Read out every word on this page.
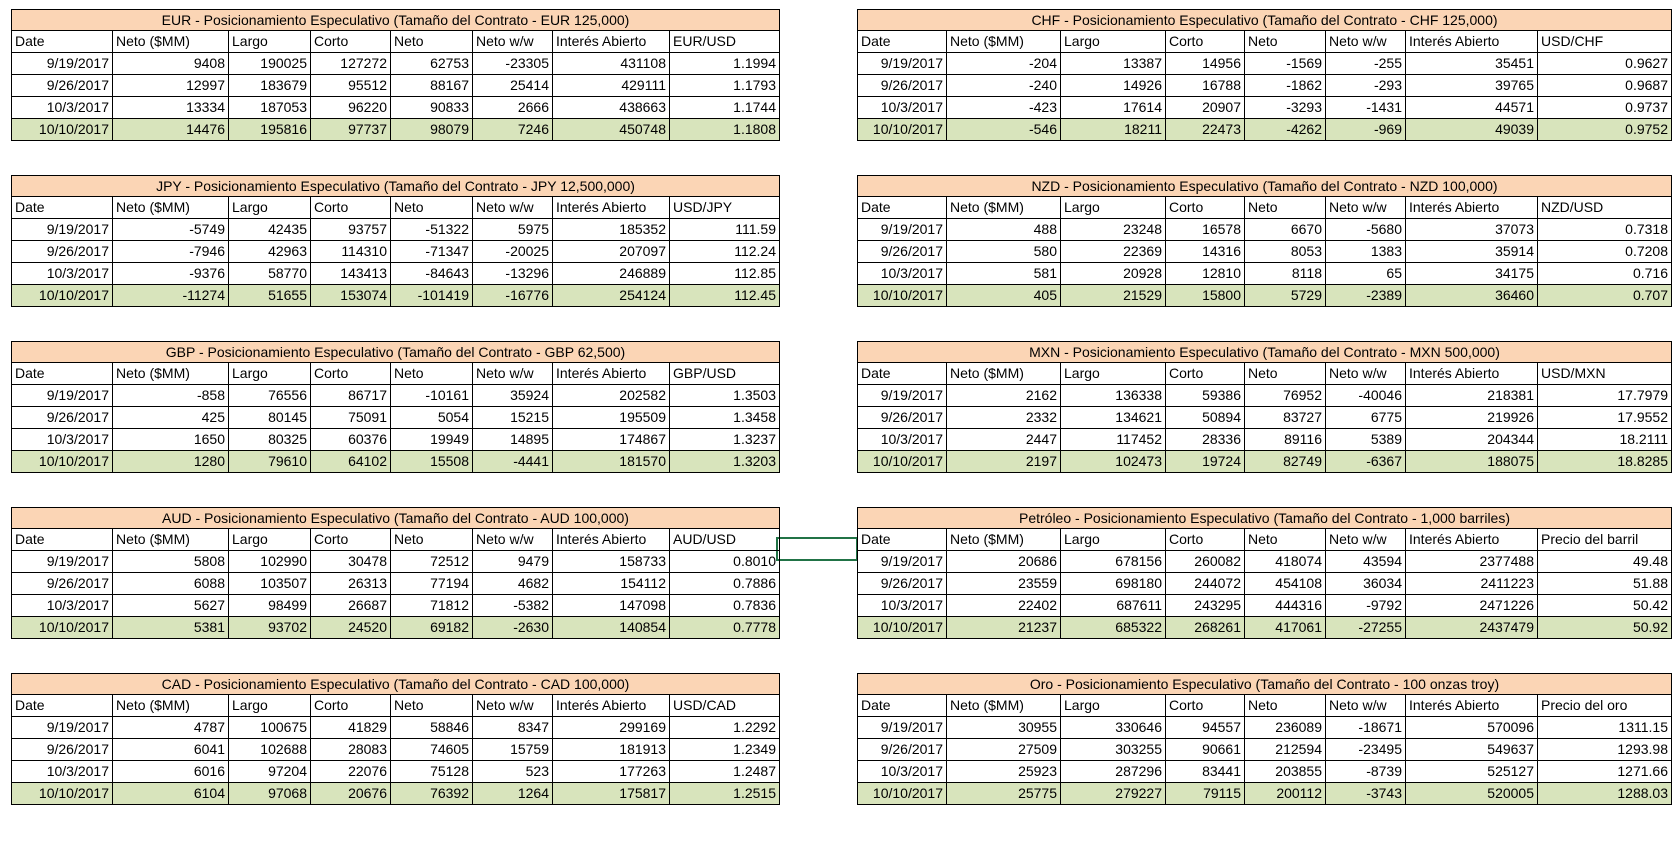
EUR - Posicionamiento Especulativo (Tamaño del Contrato - EUR 125,000)
Date	Neto ($MM)	Largo	Corto	Neto	Neto w/w	Interés Abierto	EUR/USD
9/19/2017	9408	190025	127272	62753	-23305	431108	1.1994
9/26/2017	12997	183679	95512	88167	25414	429111	1.1793
10/3/2017	13334	187053	96220	90833	2666	438663	1.1744
10/10/2017	14476	195816	97737	98079	7246	450748	1.1808
CHF - Posicionamiento Especulativo (Tamaño del Contrato - CHF 125,000)
Date	Neto ($MM)	Largo	Corto	Neto	Neto w/w	Interés Abierto	USD/CHF
9/19/2017	-204	13387	14956	-1569	-255	35451	0.9627
9/26/2017	-240	14926	16788	-1862	-293	39765	0.9687
10/3/2017	-423	17614	20907	-3293	-1431	44571	0.9737
10/10/2017	-546	18211	22473	-4262	-969	49039	0.9752
JPY - Posicionamiento Especulativo (Tamaño del Contrato - JPY 12,500,000)
Date	Neto ($MM)	Largo	Corto	Neto	Neto w/w	Interés Abierto	USD/JPY
9/19/2017	-5749	42435	93757	-51322	5975	185352	111.59
9/26/2017	-7946	42963	114310	-71347	-20025	207097	112.24
10/3/2017	-9376	58770	143413	-84643	-13296	246889	112.85
10/10/2017	-11274	51655	153074	-101419	-16776	254124	112.45
NZD - Posicionamiento Especulativo (Tamaño del Contrato - NZD 100,000)
Date	Neto ($MM)	Largo	Corto	Neto	Neto w/w	Interés Abierto	NZD/USD
9/19/2017	488	23248	16578	6670	-5680	37073	0.7318
9/26/2017	580	22369	14316	8053	1383	35914	0.7208
10/3/2017	581	20928	12810	8118	65	34175	0.716
10/10/2017	405	21529	15800	5729	-2389	36460	0.707
GBP - Posicionamiento Especulativo (Tamaño del Contrato - GBP 62,500)
Date	Neto ($MM)	Largo	Corto	Neto	Neto w/w	Interés Abierto	GBP/USD
9/19/2017	-858	76556	86717	-10161	35924	202582	1.3503
9/26/2017	425	80145	75091	5054	15215	195509	1.3458
10/3/2017	1650	80325	60376	19949	14895	174867	1.3237
10/10/2017	1280	79610	64102	15508	-4441	181570	1.3203
MXN - Posicionamiento Especulativo (Tamaño del Contrato - MXN 500,000)
Date	Neto ($MM)	Largo	Corto	Neto	Neto w/w	Interés Abierto	USD/MXN
9/19/2017	2162	136338	59386	76952	-40046	218381	17.7979
9/26/2017	2332	134621	50894	83727	6775	219926	17.9552
10/3/2017	2447	117452	28336	89116	5389	204344	18.2111
10/10/2017	2197	102473	19724	82749	-6367	188075	18.8285
AUD - Posicionamiento Especulativo (Tamaño del Contrato - AUD 100,000)
Date	Neto ($MM)	Largo	Corto	Neto	Neto w/w	Interés Abierto	AUD/USD
9/19/2017	5808	102990	30478	72512	9479	158733	0.8010
9/26/2017	6088	103507	26313	77194	4682	154112	0.7886
10/3/2017	5627	98499	26687	71812	-5382	147098	0.7836
10/10/2017	5381	93702	24520	69182	-2630	140854	0.7778
Petróleo - Posicionamiento Especulativo (Tamaño del Contrato - 1,000 barriles)
Date	Neto ($MM)	Largo	Corto	Neto	Neto w/w	Interés Abierto	Precio del barril
9/19/2017	20686	678156	260082	418074	43594	2377488	49.48
9/26/2017	23559	698180	244072	454108	36034	2411223	51.88
10/3/2017	22402	687611	243295	444316	-9792	2471226	50.42
10/10/2017	21237	685322	268261	417061	-27255	2437479	50.92
CAD - Posicionamiento Especulativo (Tamaño del Contrato - CAD 100,000)
Date	Neto ($MM)	Largo	Corto	Neto	Neto w/w	Interés Abierto	USD/CAD
9/19/2017	4787	100675	41829	58846	8347	299169	1.2292
9/26/2017	6041	102688	28083	74605	15759	181913	1.2349
10/3/2017	6016	97204	22076	75128	523	177263	1.2487
10/10/2017	6104	97068	20676	76392	1264	175817	1.2515
Oro - Posicionamiento Especulativo (Tamaño del Contrato - 100 onzas troy)
Date	Neto ($MM)	Largo	Corto	Neto	Neto w/w	Interés Abierto	Precio del oro
9/19/2017	30955	330646	94557	236089	-18671	570096	1311.15
9/26/2017	27509	303255	90661	212594	-23495	549637	1293.98
10/3/2017	25923	287296	83441	203855	-8739	525127	1271.66
10/10/2017	25775	279227	79115	200112	-3743	520005	1288.03
